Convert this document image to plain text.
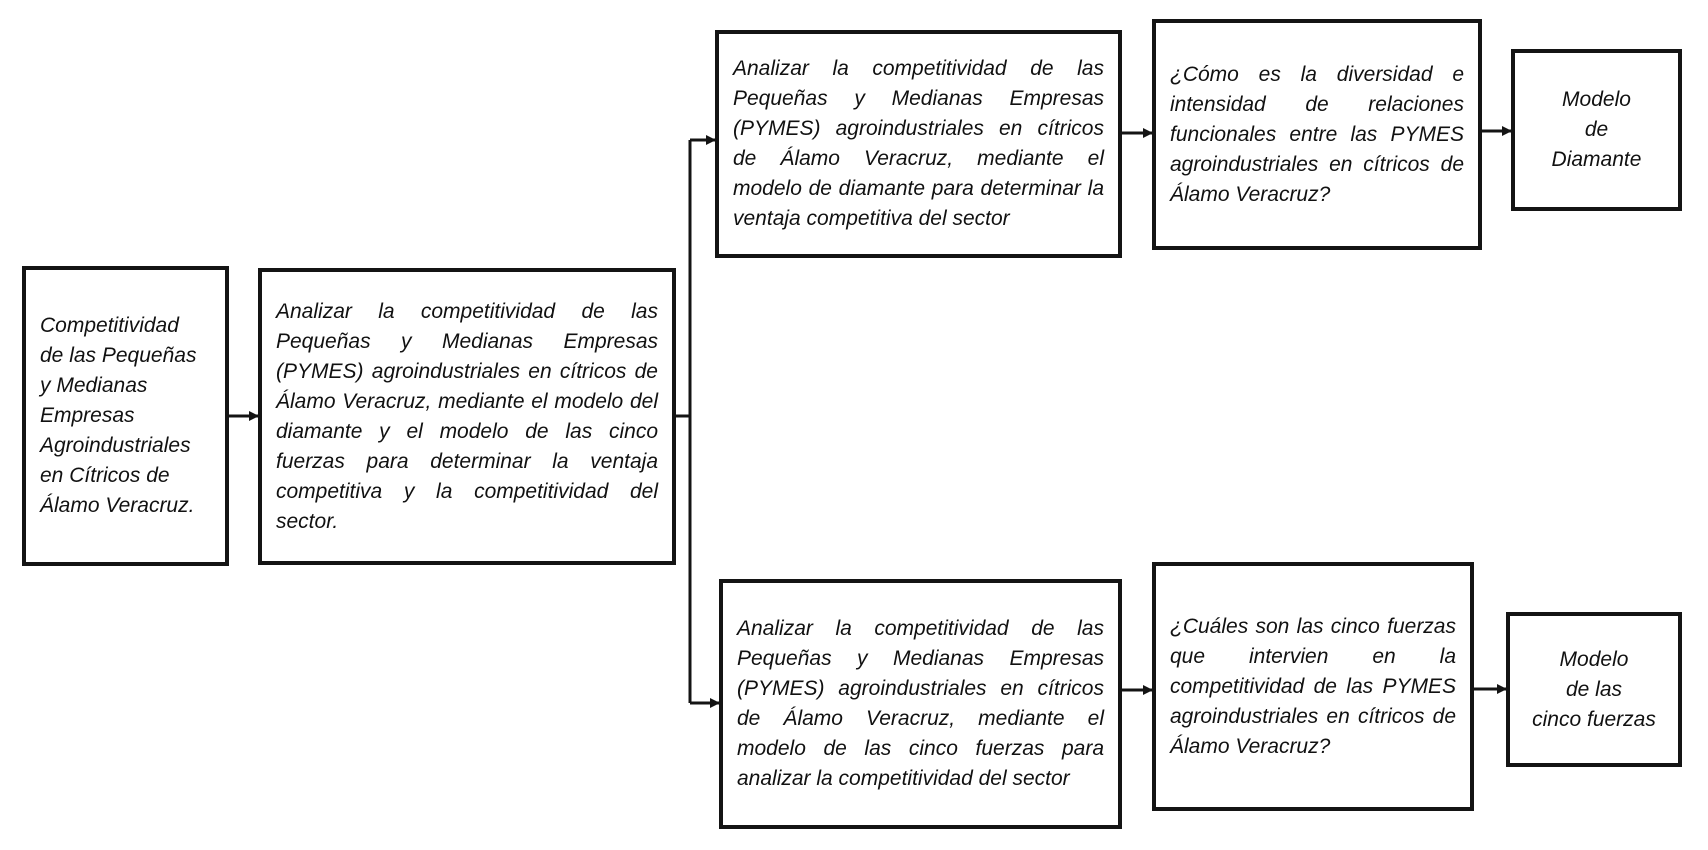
Competitividad
de las Pequeñas
y Medianas
Empresas
Agroindustriales
en Cítricos de
Álamo Veracruz.
Analizar la competitividad de las Pequeñas y Medianas Empresas (PYMES) agroindustriales en cítricos de Álamo Veracruz, mediante el modelo del diamante y el modelo de las cinco fuerzas para determinar la ventaja competitiva y la competitividad del sector.
Analizar la competitividad de las Pequeñas y Medianas Empresas (PYMES) agroindustriales en cítricos de Álamo Veracruz, mediante el modelo de diamante para determinar la ventaja competitiva del sector
¿Cómo es la diversidad e intensidad de relaciones funcionales entre las PYMES agroindustriales en cítricos de Álamo Veracruz?
Modelo
de
Diamante
Analizar la competitividad de las Pequeñas y Medianas Empresas (PYMES) agroindustriales en cítricos de Álamo Veracruz, mediante el modelo de las cinco fuerzas para analizar la competitividad del sector
¿Cuáles son las cinco fuerzas que intervien en la competitividad de las PYMES agroindustriales en cítricos de Álamo Veracruz?
Modelo
de las
cinco fuerzas
